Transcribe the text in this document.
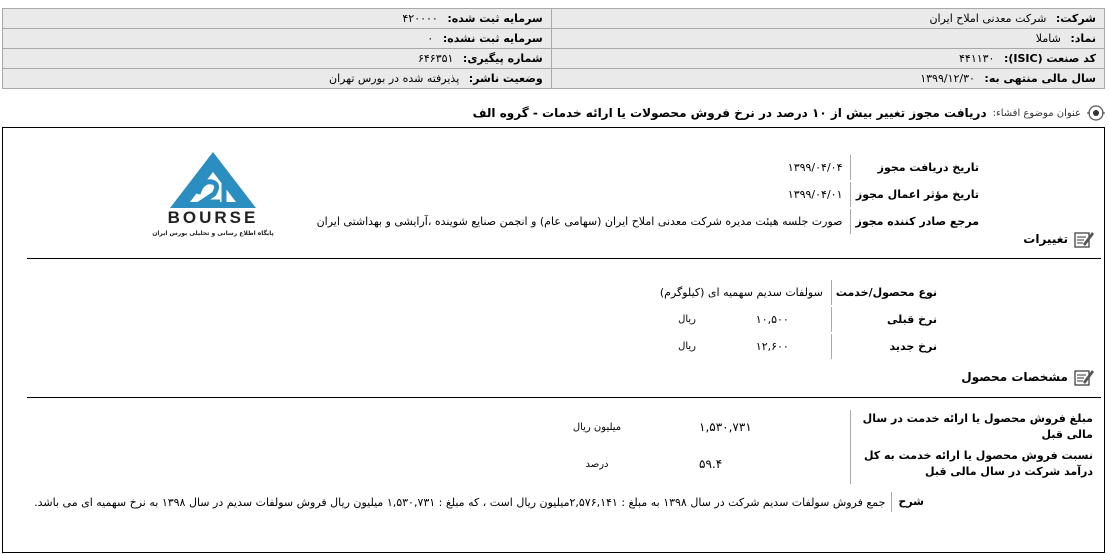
شرکت: شرکت معدنی املاح ایران	سرمایه ثبت شده: ۴۲۰۰۰۰
نماد: شاملا	سرمایه ثبت نشده: ۰
کد صنعت (ISIC): ۴۴۱۱۳۰	شماره پیگیری: ۶۴۶۳۵۱
سال مالی منتهی به: ۱۳۹۹/۱۲/۳۰	وضعیت ناشر: پذیرفته شده در بورس تهران
عنوان موضوع افشاء:
دریافت مجوز تغییر بیش از ۱۰ درصد در نرخ فروش محصولات یا ارائه خدمات - گروه الف
BOURSE
پایگاه اطلاع رسانی و تحلیلی بورس ایران
تاریخ دریافت مجوز	۱۳۹۹/۰۴/۰۴
تاریخ مؤثر اعمال مجوز	۱۳۹۹/۰۴/۰۱
مرجع صادر کننده مجوز	صورت جلسه هیئت مدیره شرکت معدنی املاح ایران (سهامی عام) و انجمن صنایع شوینده ،آرایشی و بهداشتی ایران
تغییرات
نوع محصول/خدمت	سولفات سدیم سهمیه ای (کیلوگرم)	
نرخ قبلی	۱۰,۵۰۰	ریال
نرخ جدید	۱۲,۶۰۰	ریال
مشخصات محصول
مبلغ فروش محصول یا ارائه خدمت در سال مالی قبل	۱,۵۳۰,۷۳۱	میلیون ریال
نسبت فروش محصول یا ارائه خدمت به کل درآمد شرکت در سال مالی قبل	۵۹.۴	درصد
شرح
جمع فروش سولفات سدیم شرکت در سال ۱۳۹۸ به مبلغ : ۲,۵۷۶,۱۴۱میلیون ریال است ، که مبلغ : ۱,۵۳۰,۷۳۱ میلیون ریال فروش سولفات سدیم در سال ۱۳۹۸ به نرخ سهمیه ای می باشد.
